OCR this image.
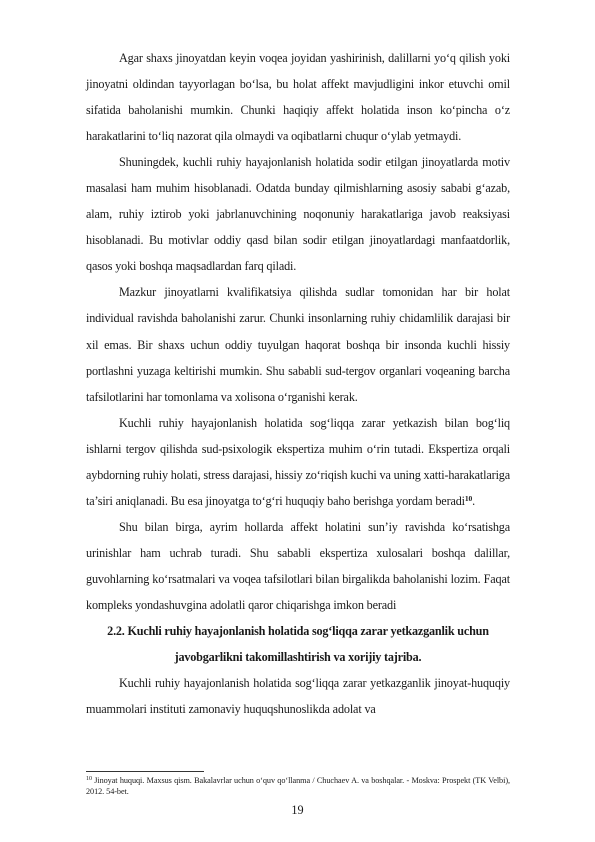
Agar shaxs jinoyatdan keyin voqea joyidan yashirinish, dalillarni yo‘q qilish yoki jinoyatni oldindan tayyorlagan bo‘lsa, bu holat affekt mavjudligini inkor etuvchi omil sifatida baholanishi mumkin. Chunki haqiqiy affekt holatida inson ko‘pincha o‘z harakatlarini to‘liq nazorat qila olmaydi va oqibatlarni chuqur o‘ylab yetmaydi.

Shuningdek, kuchli ruhiy hayajonlanish holatida sodir etilgan jinoyatlarda motiv masalasi ham muhim hisoblanadi. Odatda bunday qilmishlarning asosiy sababi g‘azab, alam, ruhiy iztirob yoki jabrlanuvchining noqonuniy harakatlariga javob reaksiyasi hisoblanadi. Bu motivlar oddiy qasd bilan sodir etilgan jinoyatlardagi manfaatdorlik, qasos yoki boshqa maqsadlardan farq qiladi.

Mazkur jinoyatlarni kvalifikatsiya qilishda sudlar tomonidan har bir holat individual ravishda baholanishi zarur. Chunki insonlarning ruhiy chidamlilik darajasi bir xil emas. Bir shaxs uchun oddiy tuyulgan haqorat boshqa bir insonda kuchli hissiy portlashni yuzaga keltirishi mumkin. Shu sababli sud-tergov organlari voqeaning barcha tafsilotlarini har tomonlama va xolisona o‘rganishi kerak.

Kuchli ruhiy hayajonlanish holatida sog‘liqqa zarar yetkazish bilan bog‘liq ishlarni tergov qilishda sud-psixologik ekspertiza muhim o‘rin tutadi. Ekspertiza orqali aybdorning ruhiy holati, stress darajasi, hissiy zo‘riqish kuchi va uning xatti-harakatlariga ta’siri aniqlanadi. Bu esa jinoyatga to‘g‘ri huquqiy baho berishga yordam beradi$^{10}$.

Shu bilan birga, ayrim hollarda affekt holatini sun’iy ravishda ko‘rsatishga urinishlar ham uchrab turadi. Shu sababli ekspertiza xulosalari boshqa dalillar, guvohlarning ko‘rsatmalari va voqea tafsilotlari bilan birgalikda baholanishi lozim. Faqat kompleks yondashuvgina adolatli qaror chiqarishga imkon beradi

2.2. Kuchli ruhiy hayajonlanish holatida sog‘liqqa zarar yetkazganlik uchun
javobgarlikni takomillashtirish va xorijiy tajriba.

Kuchli ruhiy hayajonlanish holatida sog‘liqqa zarar yetkazganlik jinoyat-huquqiy muammolari instituti zamonaviy huquqshunoslikda adolat va

$^{10}$ Jinoyat huquqi. Maxsus qism. Bakalavrlar uchun o‘quv qo‘llanma / Chuchaev A. va boshqalar. - Moskva: Prospekt (TK Velbi), 2012. 54-bet.
19
